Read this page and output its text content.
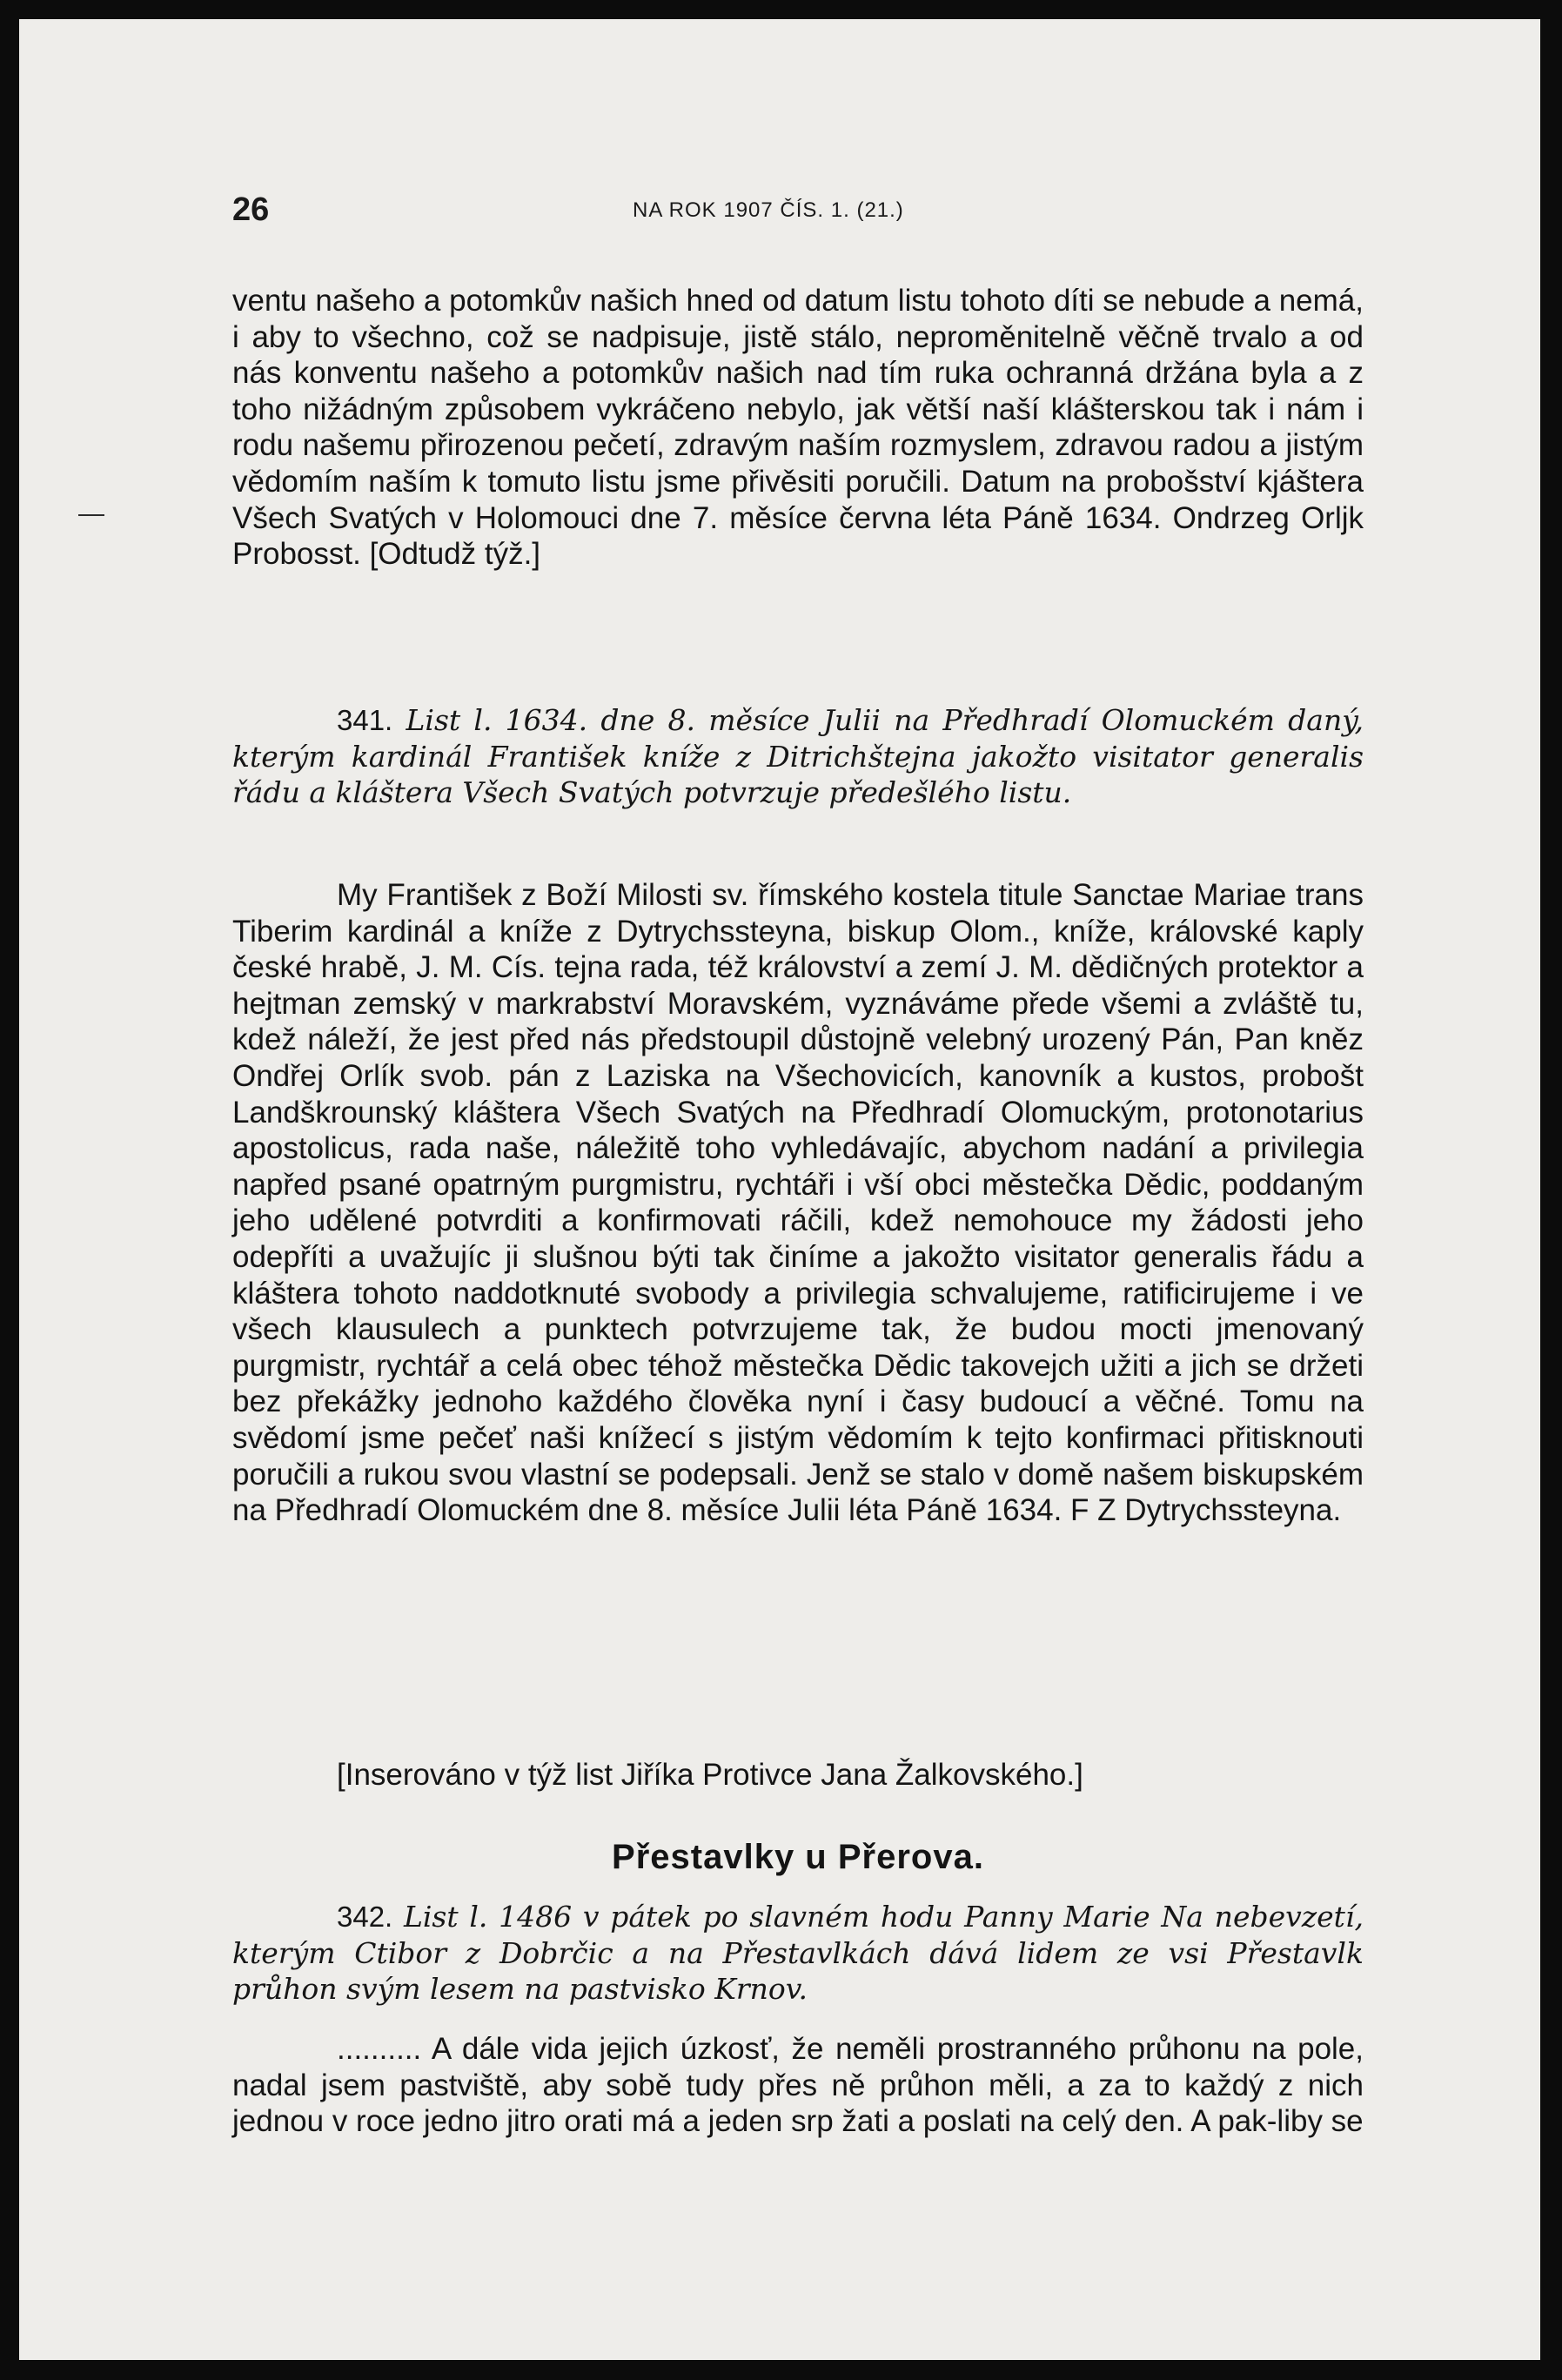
26	NA ROK 1907 ČÍS. 1. (21.)

ventu našeho a potomkův našich hned od datum listu tohoto díti se nebude a nemá, i aby to všechno, což se nadpisuje, jistě stálo, neproměnitelně věčně trvalo a od nás konventu našeho a potomkův našich nad tím ruka ochranná držána byla a z toho nižádným způsobem vykráčeno nebylo, jak větší naší klášterskou tak i nám i rodu našemu přirozenou pečetí, zdravým naším rozmyslem, zdravou radou a jistým vědomím naším k tomuto listu jsme přivěsiti poručili. Datum na probošství kjáštera Všech Svatých v Holomouci dne 7. měsíce června léta Páně 1634. Ondrzeg Orljk Probosst. [Odtudž týž.]

341. List l. 1634. dne 8. měsíce Julii na Předhradí Olomuckém daný, kterým kardinál František kníže z Ditrichštejna jakožto visitator generalis řádu a kláštera Všech Svatých potvrzuje předešlého listu.

My František z Boží Milosti sv. římského kostela titule Sanctae Mariae trans Tiberim kardinál a kníže z Dytrychssteyna, biskup Olom., kníže, královské kaply české hrabě, J. M. Cís. tejna rada, též království a zemí J. M. dědičných protektor a hejtman zemský v markrabství Moravském, vyznáváme přede všemi a zvláště tu, kdež náleží, že jest před nás předstoupil důstojně velebný urozený Pán, Pan kněz Ondřej Orlík svob. pán z Laziska na Všechovicích, kanovník a kustos, probošt Landškrounský kláštera Všech Svatých na Předhradí Olomuckým, protonotarius apostolicus, rada naše, náležitě toho vyhledávajíc, abychom nadání a privilegia napřed psané opatrným purgmistru, rychtáři i vší obci městečka Dědic, poddaným jeho udělené potvrditi a konfirmovati ráčili, kdež nemohouce my žádosti jeho odepříti a uvažujíc ji slušnou býti tak činíme a jakožto visitator generalis řádu a kláštera tohoto naddotknuté svobody a privilegia schvalujeme, ratificirujeme i ve všech klausulech a punktech potvrzujeme tak, že budou mocti jmenovaný purgmistr, rychtář a celá obec téhož městečka Dědic takovejch užiti a jich se držeti bez překážky jednoho každého člověka nyní i časy budoucí a věčné. Tomu na svědomí jsme pečeť naši knížecí s jistým vědomím k tejto konfirmaci přitisknouti poručili a rukou svou vlastní se podepsali. Jenž se stalo v domě našem biskupském na Předhradí Olomuckém dne 8. měsíce Julii léta Páně 1634. F Z Dytrychssteyna.

[Inserováno v týž list Jiříka Protivce Jana Žalkovského.]

Přestavlky u Přerova.

342. List l. 1486 v pátek po slavném hodu Panny Marie Na nebevzetí, kterým Ctibor z Dobrčic a na Přestavlkách dává lidem ze vsi Přestavlk průhon svým lesem na pastvisko Krnov.

.......... A dále vida jejich úzkosť, že neměli prostranného průhonu na pole, nadal jsem pastviště, aby sobě tudy přes ně průhon měli, a za to každý z nich jednou v roce jedno jitro orati má a jeden srp žati a poslati na celý den. A pak-liby se
